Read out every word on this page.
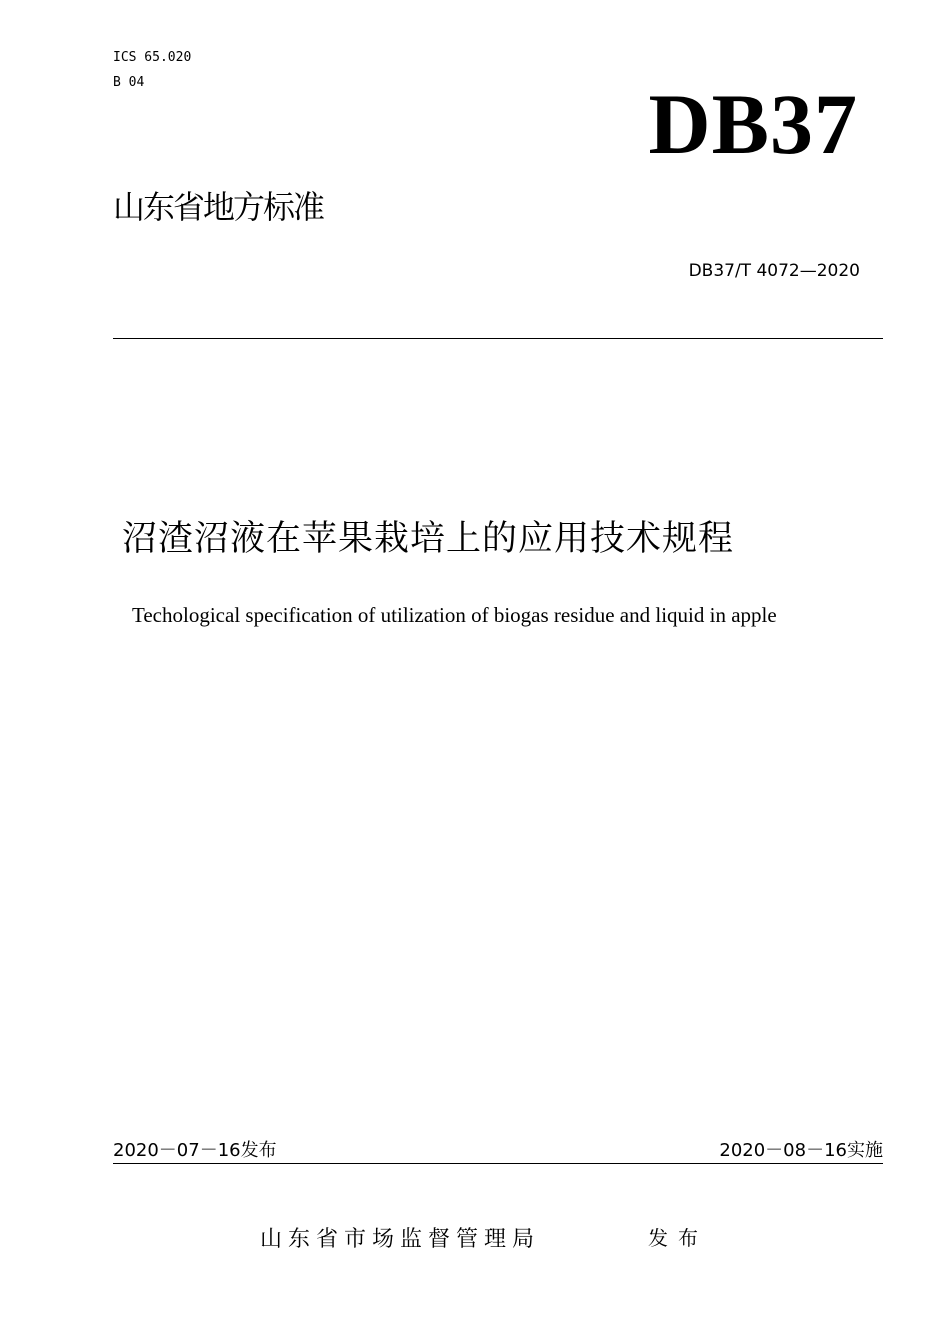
ICS 65.020
B 04	DB37
山东省地方标准
DB37/T 4072—2020
沼渣沼液在苹果栽培上的应用技术规程
Techological specification of utilization of biogas residue and liquid in apple
2020－07－16发布	2020－08－16实施
山东省市场监督管理局	发布
